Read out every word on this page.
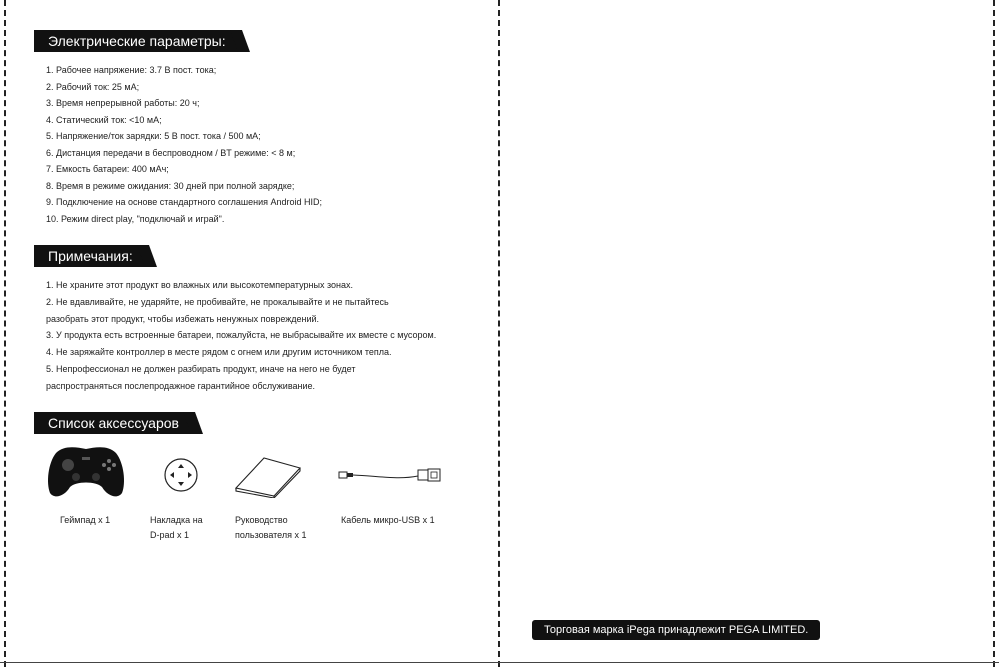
Электрические параметры:
1. Рабочее напряжение: 3.7 В пост. тока;
2. Рабочий ток: 25 мА;
3. Время непрерывной работы: 20 ч;
4. Статический ток: <10 мА;
5. Напряжение/ток зарядки: 5 В пост. тока / 500 мА;
6. Дистанция передачи в беспроводном / BT режиме: < 8 м;
7. Емкость батареи: 400 мАч;
8. Время в режиме ожидания: 30 дней при полной зарядке;
9. Подключение на основе стандартного соглашения Android HID;
10. Режим direct play, "подключай и играй".
Примечания:
1. Не храните этот продукт во влажных или высокотемпературных зонах.
2. Не вдавливайте, не ударяйте, не пробивайте, не прокалывайте и не пытайтесь
разобрать этот продукт, чтобы избежать ненужных повреждений.
3. У продукта есть встроенные батареи, пожалуйста, не выбрасывайте их вместе с мусором.
4. Не заряжайте контроллер в месте рядом с огнем или другим источником тепла.
5. Непрофессионал не должен разбирать продукт, иначе на него не будет
распространяться послепродажное гарантийное обслуживание.
Список аксессуаров
Геймпад x 1	Накладка на
D-pad x 1
Руководство
пользователя x 1
Кабель микро-USB x 1
Торговая марка iPega принадлежит PEGA LIMITED.
